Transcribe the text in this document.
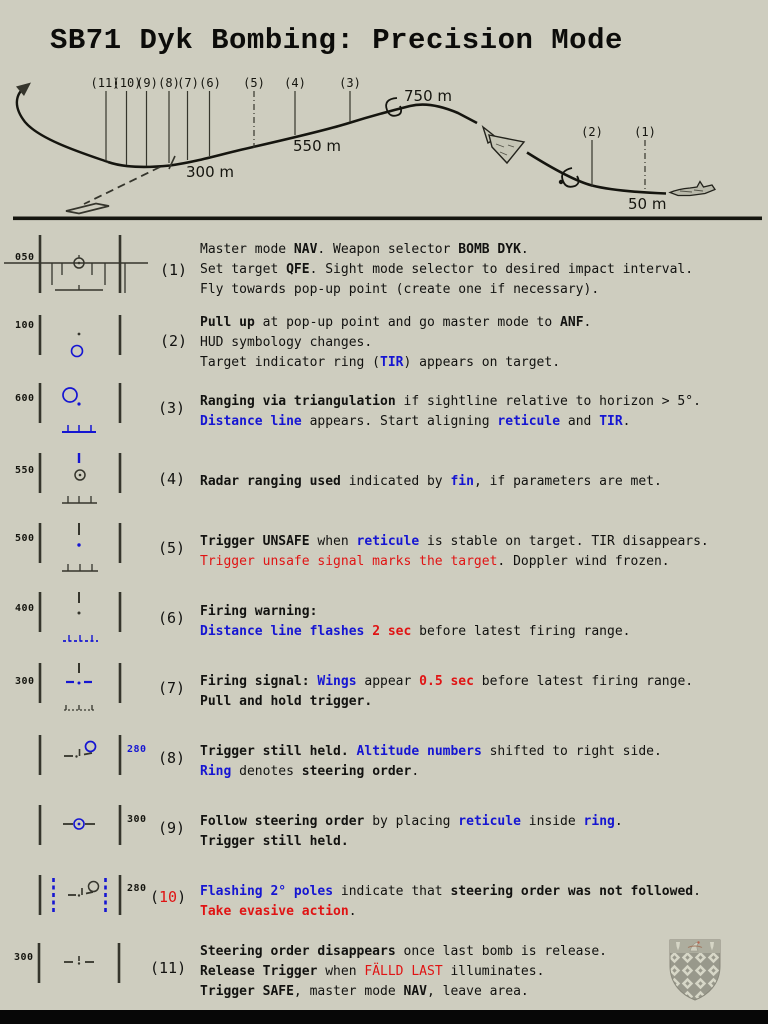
SB71 Dyk Bombing: Precision Mode
(11)
(10)
(9) (8)
(7) (6) (5) (4)	(3)
(2)	(1)
750 m
550 m
300 m
50 m
050
(1)
Master mode NAV. Weapon selector BOMB DYK.
Set target QFE. Sight mode selector to desired impact interval.
Fly towards pop-up point (create one if necessary).
100
(2)
Pull up at pop-up point and go master mode to ANF.
HUD symbology changes.
Target indicator ring (TIR) appears on target.
600
(3) Ranging via triangulation if sightline relative to horizon > 5°.
Distance line appears. Start aligning reticule and TIR.
550	(4) Radar ranging used indicated by fin, if parameters are met.
500
(5) Trigger UNSAFE when reticule is stable on target. TIR disappears.
Trigger unsafe signal marks the target. Doppler wind frozen.
400
(6) Firing warning:
Distance line flashes 2 sec before latest firing range.
300	(7) Firing signal: Wings appear 0.5 sec before latest firing range.
Pull and hold trigger.
280 (8) Trigger still held. Altitude numbers shifted to right side.
Ring denotes steering order.
300 (9) Follow steering order by placing reticule inside ring.
Trigger still held.
280 (10) Flashing 2° poles indicate that steering order was not followed.
Take evasive action.
300
(11)
Steering order disappears once last bomb is release.
Release Trigger when FÄLLD LAST illuminates.
Trigger SAFE, master mode NAV, leave area.
